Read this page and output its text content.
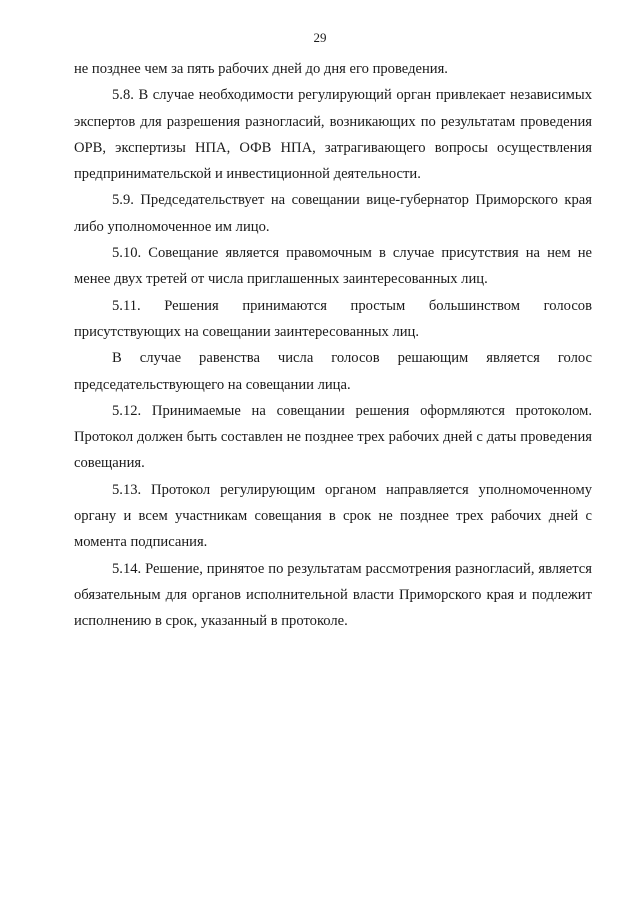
29

не позднее чем за пять рабочих дней до дня его проведения.

5.8. В случае необходимости регулирующий орган привлекает независимых экспертов для разрешения разногласий, возникающих по результатам проведения ОРВ, экспертизы НПА, ОФВ НПА, затрагивающего вопросы осуществления предпринимательской и инвестиционной деятельности.

5.9. Председательствует на совещании вице-губернатор Приморского края либо уполномоченное им лицо.

5.10. Совещание является правомочным в случае присутствия на нем не менее двух третей от числа приглашенных заинтересованных лиц.

5.11. Решения принимаются простым большинством голосов присутствующих на совещании заинтересованных лиц.

В случае равенства числа голосов решающим является голос председательствующего на совещании лица.

5.12. Принимаемые на совещании решения оформляются протоколом. Протокол должен быть составлен не позднее трех рабочих дней с даты проведения совещания.

5.13. Протокол регулирующим органом направляется уполномоченному органу и всем участникам совещания в срок не позднее трех рабочих дней с момента подписания.

5.14. Решение, принятое по результатам рассмотрения разногласий, является обязательным для органов исполнительной власти Приморского края и подлежит исполнению в срок, указанный в протоколе.
